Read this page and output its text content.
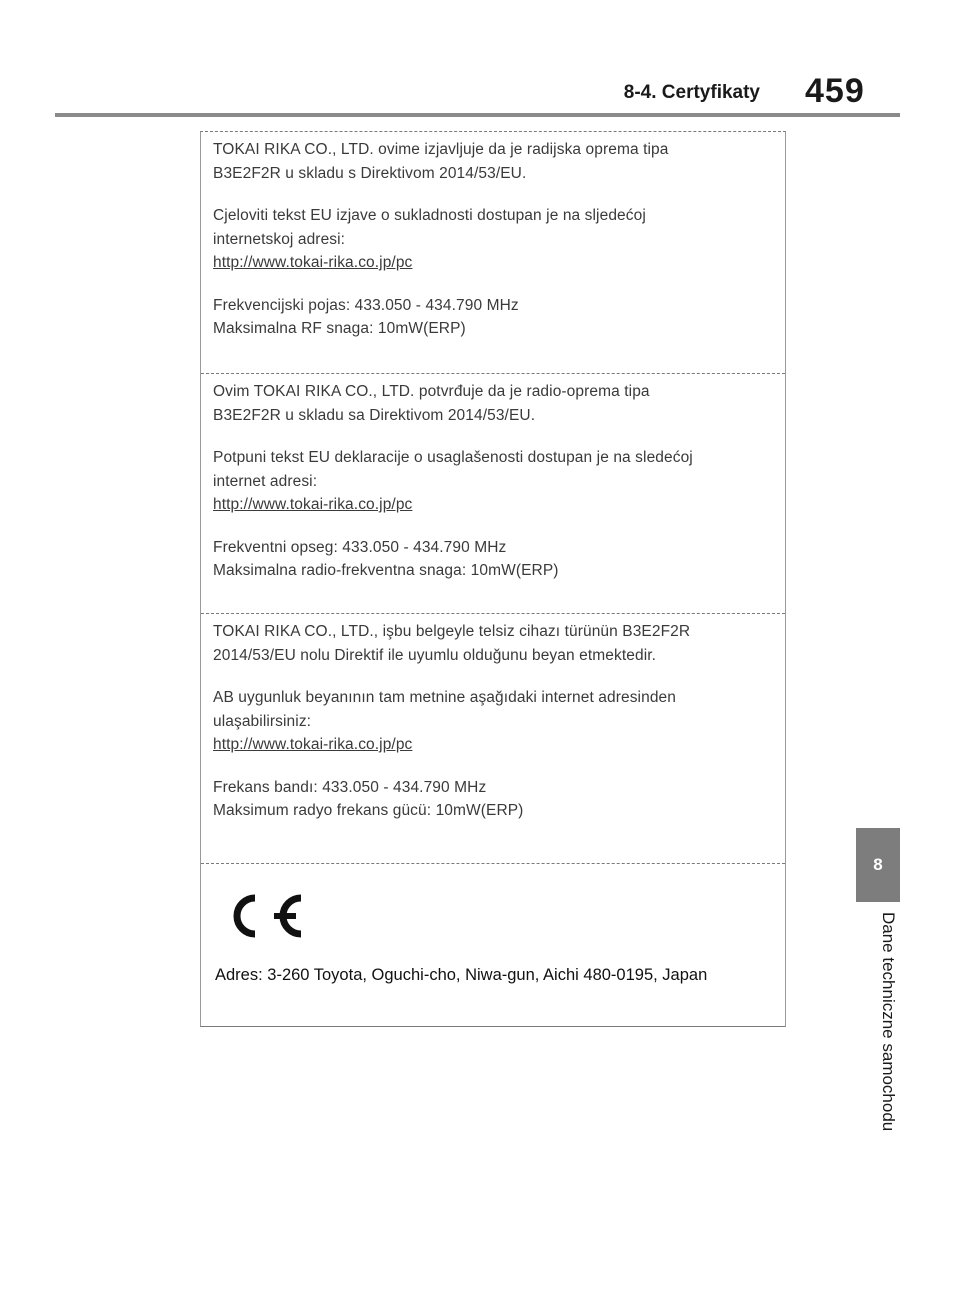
8-4. Certyfikaty 459

TOKAI RIKA CO., LTD. ovime izjavljuje da je radijska oprema tipa

B3E2F2R u skladu s Direktivom 2014/53/EU.

Cjeloviti tekst EU izjave o sukladnosti dostupan je na sljedećoj

internetskoj adresi:

http://www.tokai-rika.co.jp/pc

Frekvencijski pojas: 433.050 - 434.790 MHz

Maksimalna RF snaga: 10mW(ERP)

Ovim TOKAI RIKA CO., LTD. potvrđuje da je radio-oprema tipa

B3E2F2R u skladu sa Direktivom 2014/53/EU.

Potpuni tekst EU deklaracije o usaglašenosti dostupan je na sledećoj

internet adresi:

http://www.tokai-rika.co.jp/pc

Frekventni opseg: 433.050 - 434.790 MHz

Maksimalna radio-frekventna snaga: 10mW(ERP)

TOKAI RIKA CO., LTD., işbu belgeyle telsiz cihazı türünün B3E2F2R

2014/53/EU nolu Direktif ile uyumlu olduğunu beyan etmektedir.

AB uygunluk beyanının tam metnine aşağıdaki internet adresinden

ulaşabilirsiniz:

http://www.tokai-rika.co.jp/pc

Frekans bandı: 433.050 - 434.790 MHz

Maksimum radyo frekans gücü: 10mW(ERP)

Adres: 3-260 Toyota, Oguchi-cho, Niwa-gun, Aichi 480-0195, Japan

8
Dane techniczne samochodu
